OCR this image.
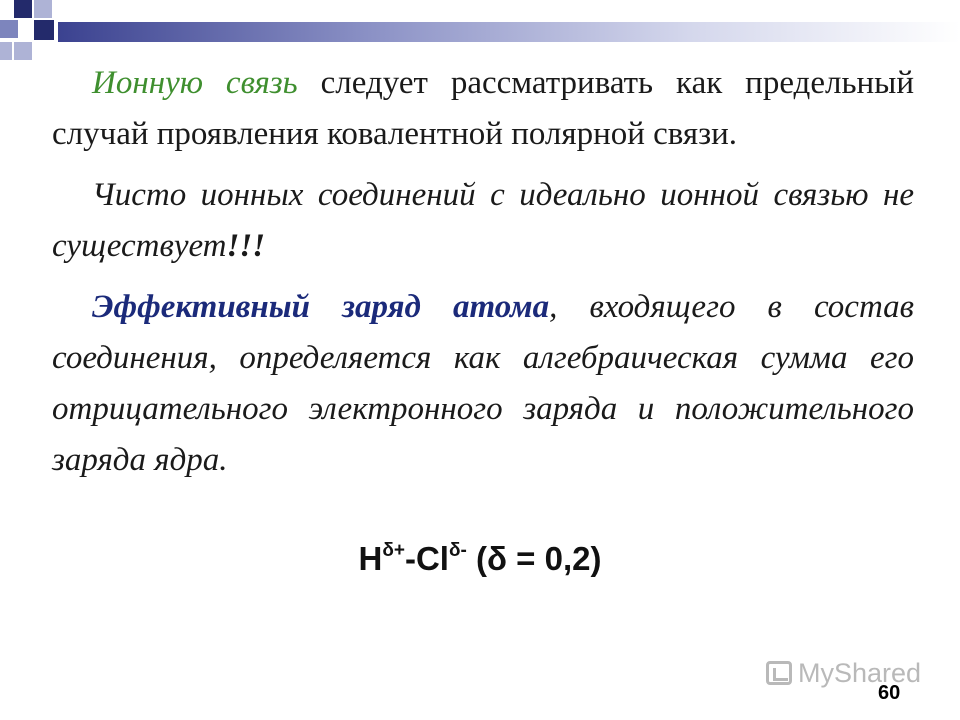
Ионную связь следует рассматривать как предельный случай проявления ковалентной полярной связи.

Чисто ионных соединений с идеально ионной связью не существует!!!

Эффективный заряд атома, входящего в состав соединения, определяется как алгебраическая сумма его отрицательного электронного заряда и положительного заряда ядра.

$H^{\delta+}-Cl^{\delta-}$ (δ = 0,2)
MyShared
60
